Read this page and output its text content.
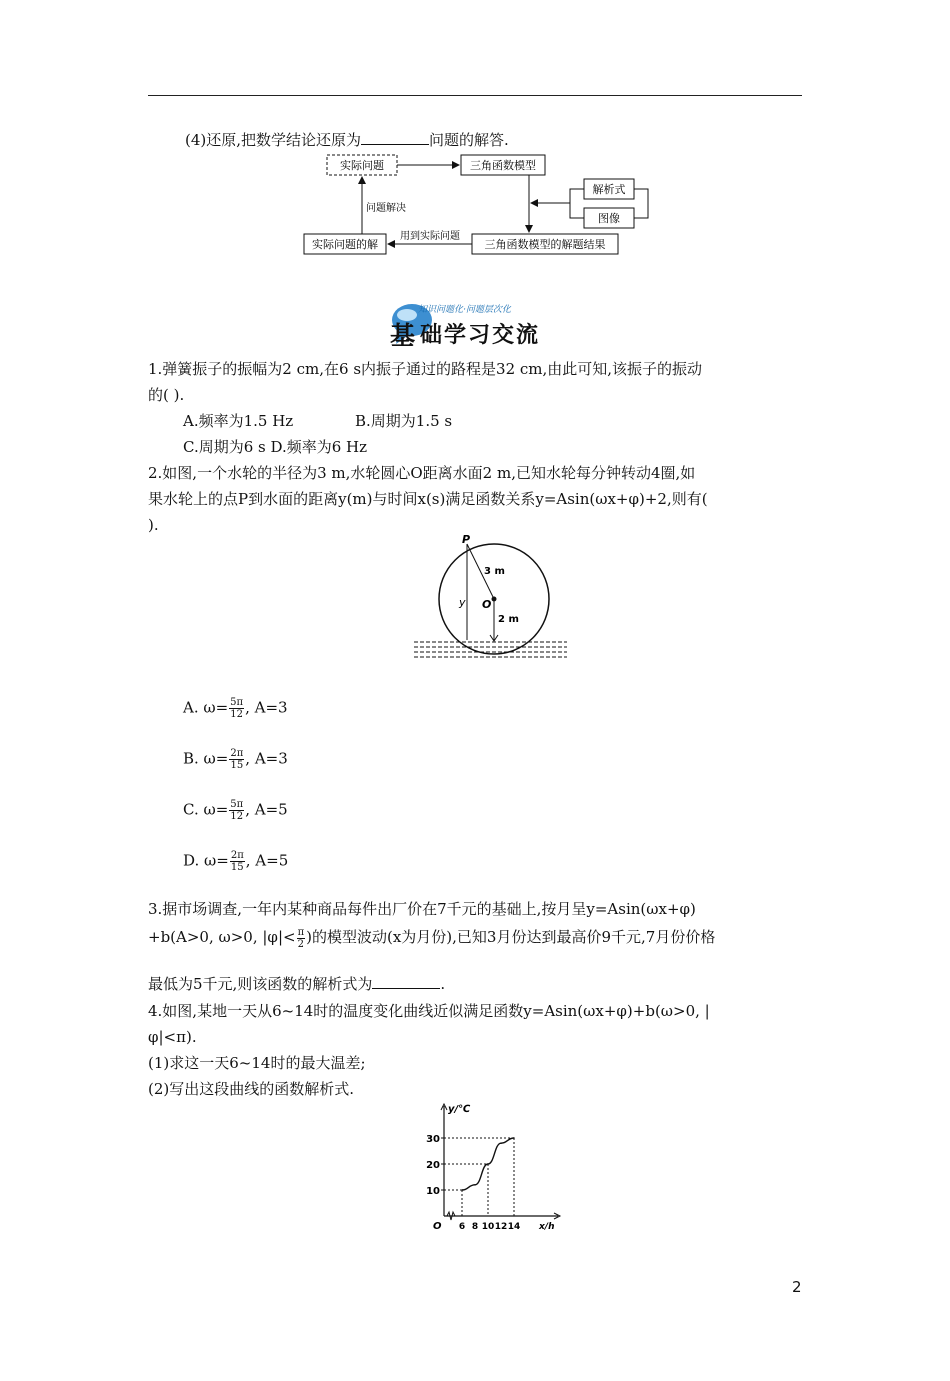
(4)还原,把数学结论还原为	问题的解答.
实际问题	三角函数模型
解析式
图像
三角函数模型的解题结果
实际问题的解
用到实际问题
问题解决
知识问题化·问题层次化
基 础学习交流
1.弹簧振子的振幅为2 cm,在6 s内振子通过的路程是32 cm,由此可知,该振子的振动
的( ).
A.频率为1.5 Hz	B.周期为1.5 s
C.周期为6 s D.频率为6 Hz
2.如图,一个水轮的半径为3 m,水轮圆心O距离水面2 m,已知水轮每分钟转动4圈,如
果水轮上的点P到水面的距离y(m)与时间x(s)满足函数关系y=Asin(ωx+φ)+2,则有(
).
P
O
3 m
2 m
y
A. $\omega= \frac{5\pi}{12}$ , A=3
B. $\omega= \frac{2\pi}{15}$ , A=3
C. $\omega= \frac{5\pi}{12}$ , A=5
D. $\omega= \frac{2\pi}{15}$ , A=5
3.据市场调查,一年内某种商品每件出厂价在7千元的基础上,按月呈y=Asin(ωx+φ)
+b(A>0, ω>0, $|\varphi|< \frac{\pi}{2}$ )的模型波动(x为月份),已知3月份达到最高价9千元,7月份价格
最低为5千元,则该函数的解析式为	.
4.如图,某地一天从6~14时的温度变化曲线近似满足函数y=Asin(ωx+φ)+b(ω>0, |
φ|<π).
(1)求这一天6~14时的最大温差;
(2)写出这段曲线的函数解析式.
y/℃
x/h
O
10
20
30
6 8 10 12 14
2
